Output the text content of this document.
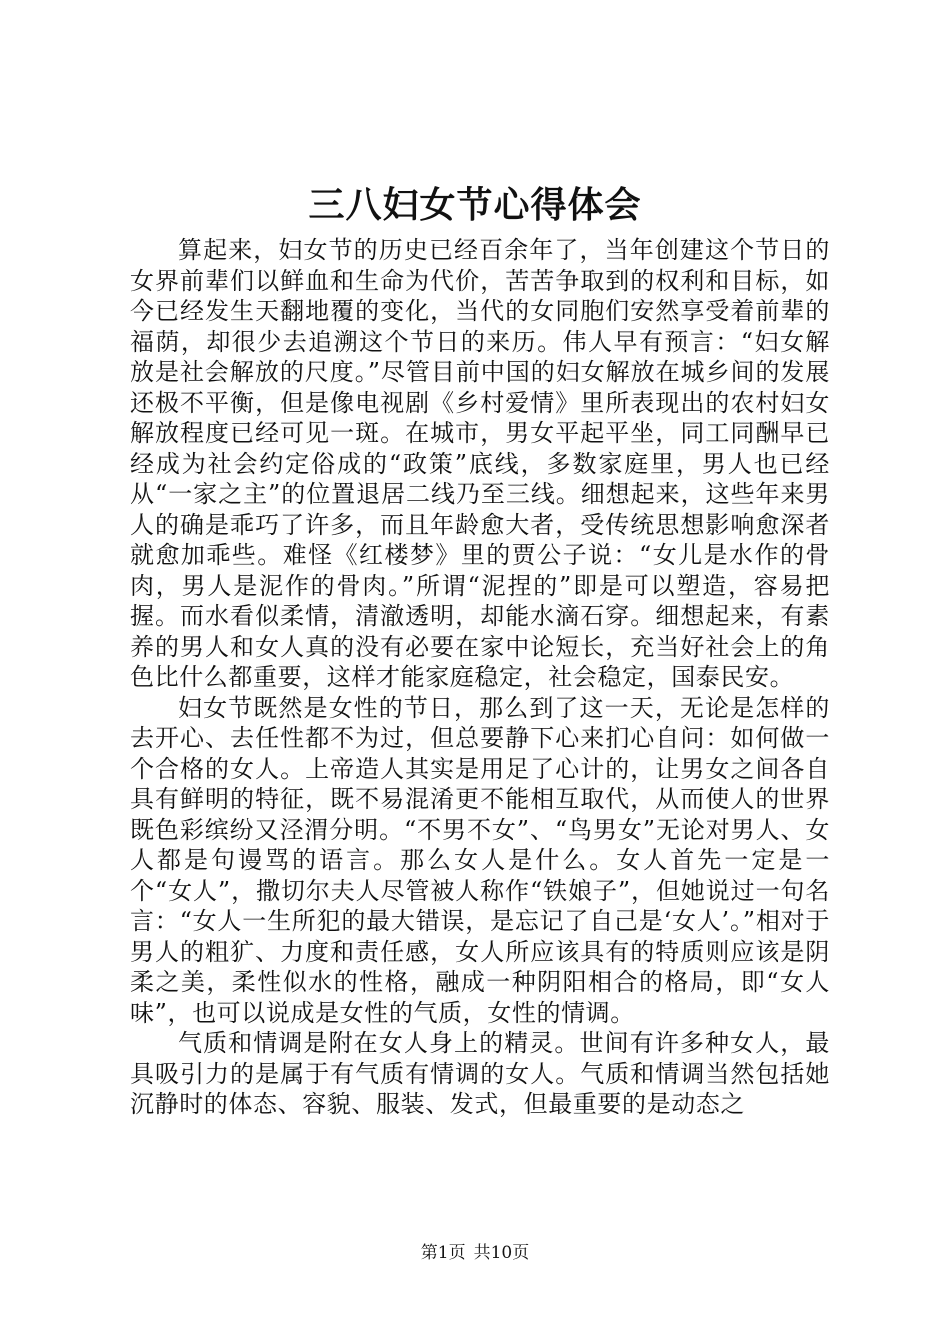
三八妇女节心得体会

算起来，妇女节的历史已经百余年了，当年创建这个节日的女界前辈们以鲜血和生命为代价，苦苦争取到的权利和目标，如今已经发生天翻地覆的变化，当代的女同胞们安然享受着前辈的福荫，却很少去追溯这个节日的来历。伟人早有预言：“妇女解放是社会解放的尺度。”尽管目前中国的妇女解放在城乡间的发展还极不平衡，但是像电视剧《乡村爱情》里所表现出的农村妇女解放程度已经可见一斑。在城市，男女平起平坐，同工同酬早已经成为社会约定俗成的“政策”底线，多数家庭里，男人也已经从“一家之主”的位置退居二线乃至三线。细想起来，这些年来男人的确是乖巧了许多，而且年龄愈大者，受传统思想影响愈深者就愈加乖些。难怪《红楼梦》里的贾公子说：“女儿是水作的骨肉，男人是泥作的骨肉。”所谓“泥捏的”即是可以塑造，容易把握。而水看似柔情，清澈透明，却能水滴石穿。细想起来，有素养的男人和女人真的没有必要在家中论短长，充当好社会上的角色比什么都重要，这样才能家庭稳定，社会稳定，国泰民安。

妇女节既然是女性的节日，那么到了这一天，无论是怎样的去开心、去任性都不为过，但总要静下心来扪心自问：如何做一个合格的女人。上帝造人其实是用足了心计的，让男女之间各自具有鲜明的特征，既不易混淆更不能相互取代，从而使人的世界既色彩缤纷又泾渭分明。“不男不女”、“鸟男女”无论对男人、女人都是句谩骂的语言。那么女人是什么。女人首先一定是一个“女人”，撒切尔夫人尽管被人称作“铁娘子”，但她说过一句名言：“女人一生所犯的最大错误，是忘记了自己是‘女人’。”相对于男人的粗犷、力度和责任感，女人所应该具有的特质则应该是阴柔之美，柔性似水的性格，融成一种阴阳相合的格局，即“女人味”，也可以说成是女性的气质，女性的情调。

气质和情调是附在女人身上的精灵。世间有许多种女人，最具吸引力的是属于有气质有情调的女人。气质和情调当然包括她沉静时的体态、容貌、服装、发式，但最重要的是动态之

第1页 共10页
